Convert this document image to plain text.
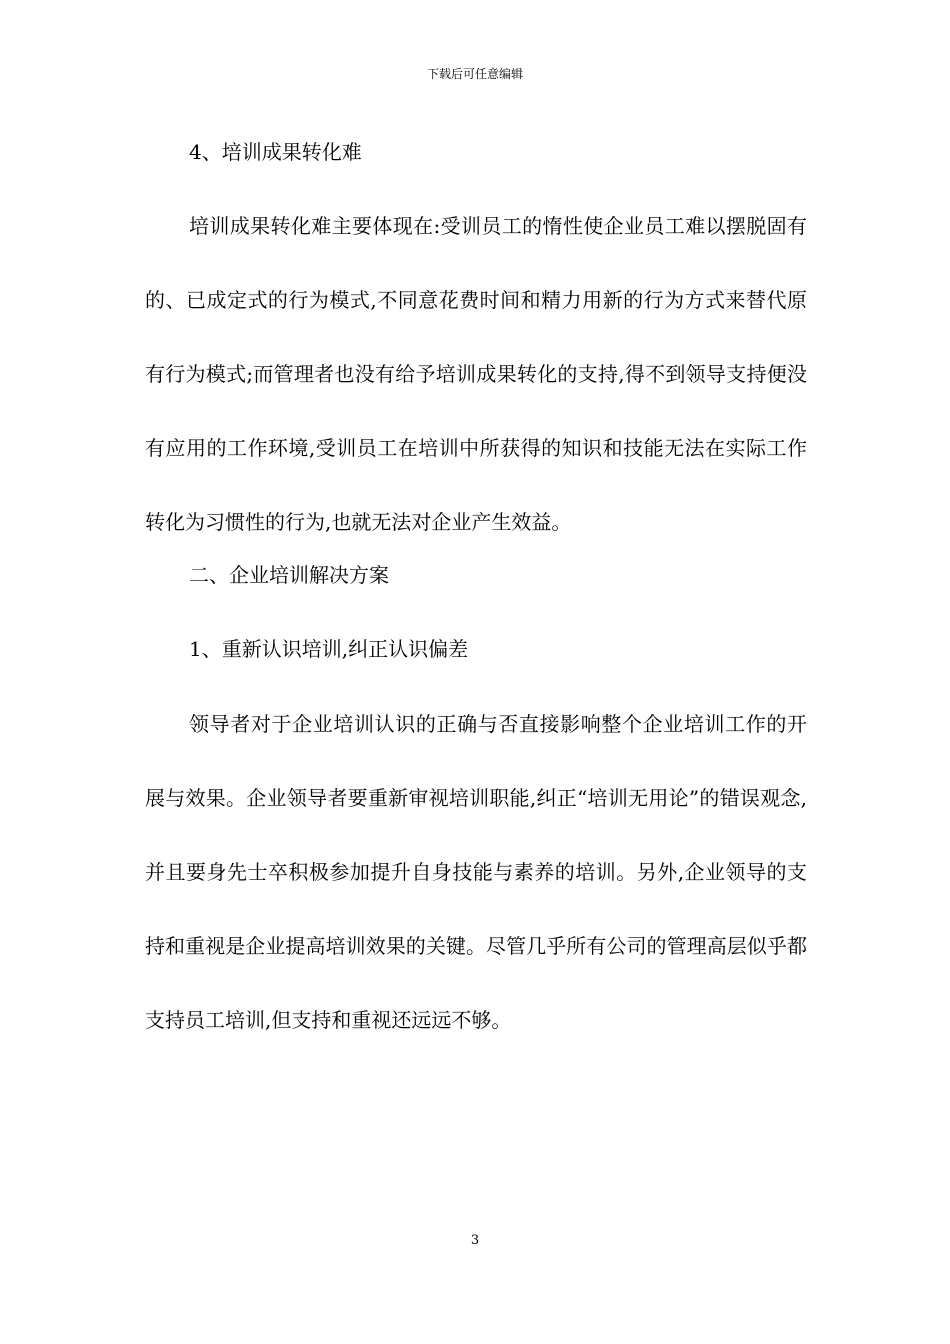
下载后可任意编辑
4、培训成果转化难

培训成果转化难主要体现在:受训员工的惰性使企业员工难以摆脱固有的、已成定式的行为模式,不同意花费时间和精力用新的行为方式来替代原有行为模式;而管理者也没有给予培训成果转化的支持,得不到领导支持便没有应用的工作环境,受训员工在培训中所获得的知识和技能无法在实际工作转化为习惯性的行为,也就无法对企业产生效益。

二、企业培训解决方案
1、重新认识培训,纠正认识偏差

领导者对于企业培训认识的正确与否直接影响整个企业培训工作的开展与效果。企业领导者要重新审视培训职能,纠正“培训无用论”的错误观念,并且要身先士卒积极参加提升自身技能与素养的培训。另外,企业领导的支持和重视是企业提高培训效果的关键。尽管几乎所有公司的管理高层似乎都支持员工培训,但支持和重视还远远不够。

3
